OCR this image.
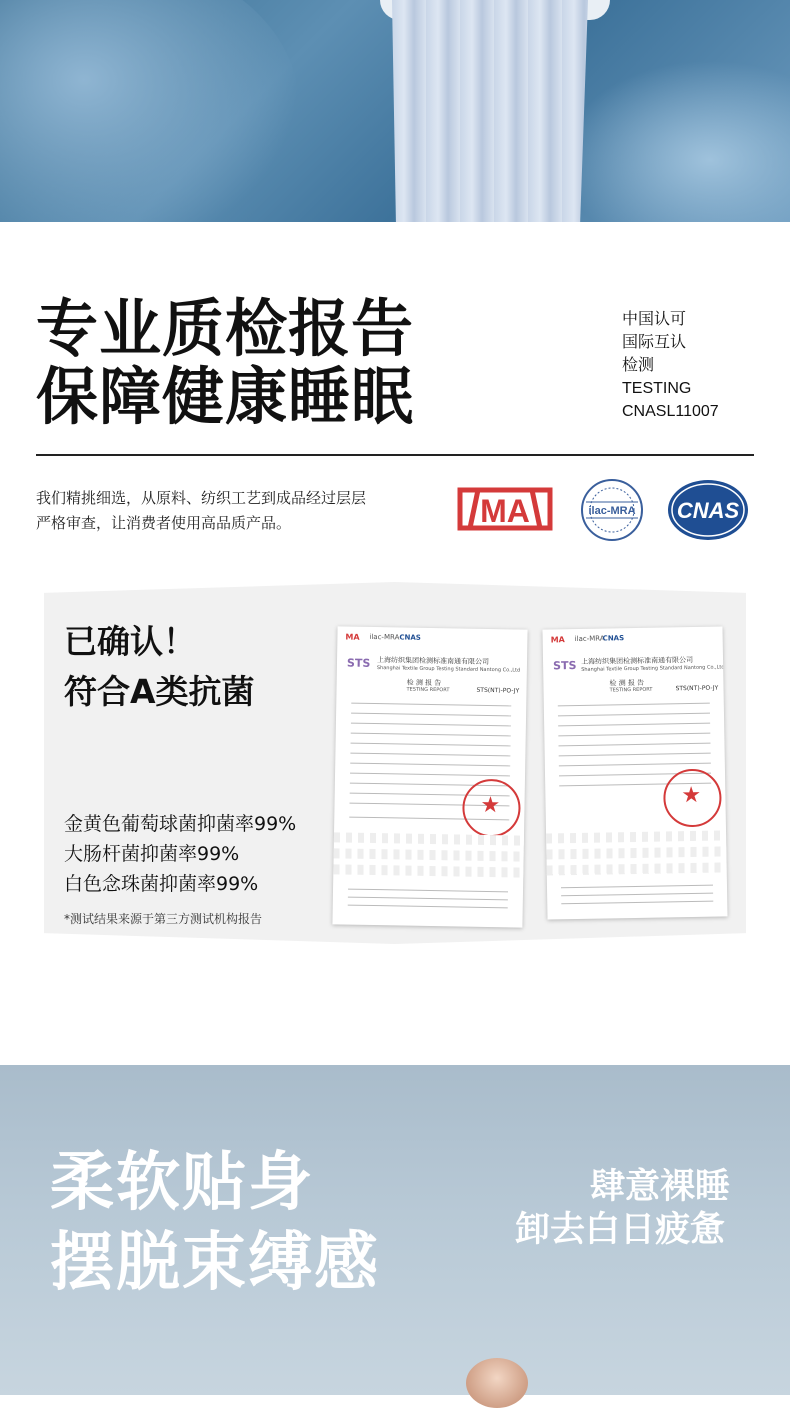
专业质检报告
保障健康睡眠
中国认可
国际互认
检测
TESTING
CNASL11007
我们精挑细选，从原料、纺织工艺到成品经过层层
严格审查，让消费者使用高品质产品。	MA	ilac-MRA CNAS
已确认！
符合A类抗菌
金黄色葡萄球菌抑菌率99%
大肠杆菌抑菌率99%
白色念珠菌抑菌率99%
*测试结果来源于第三方测试机构报告
MA ilac-MRA CNAS
STS 上海纺织集团检测标准南通有限公司
Shanghai Textile Group Testing Standard Nantong Co.,Ltd
检 测 报 告
TESTING REPORT	STS(NT)-PO-JY
★
MA ilac-MRA
CNAS
STS 上海纺织集团检测标准南通有限公司
Shanghai Textile Group Testing Standard Nantong Co.,Ltd
检 测 报 告
TESTING REPORT	STS(NT)-PO-JY
★
柔软贴身
摆脱束缚感
肆意裸睡
卸去白日疲惫
